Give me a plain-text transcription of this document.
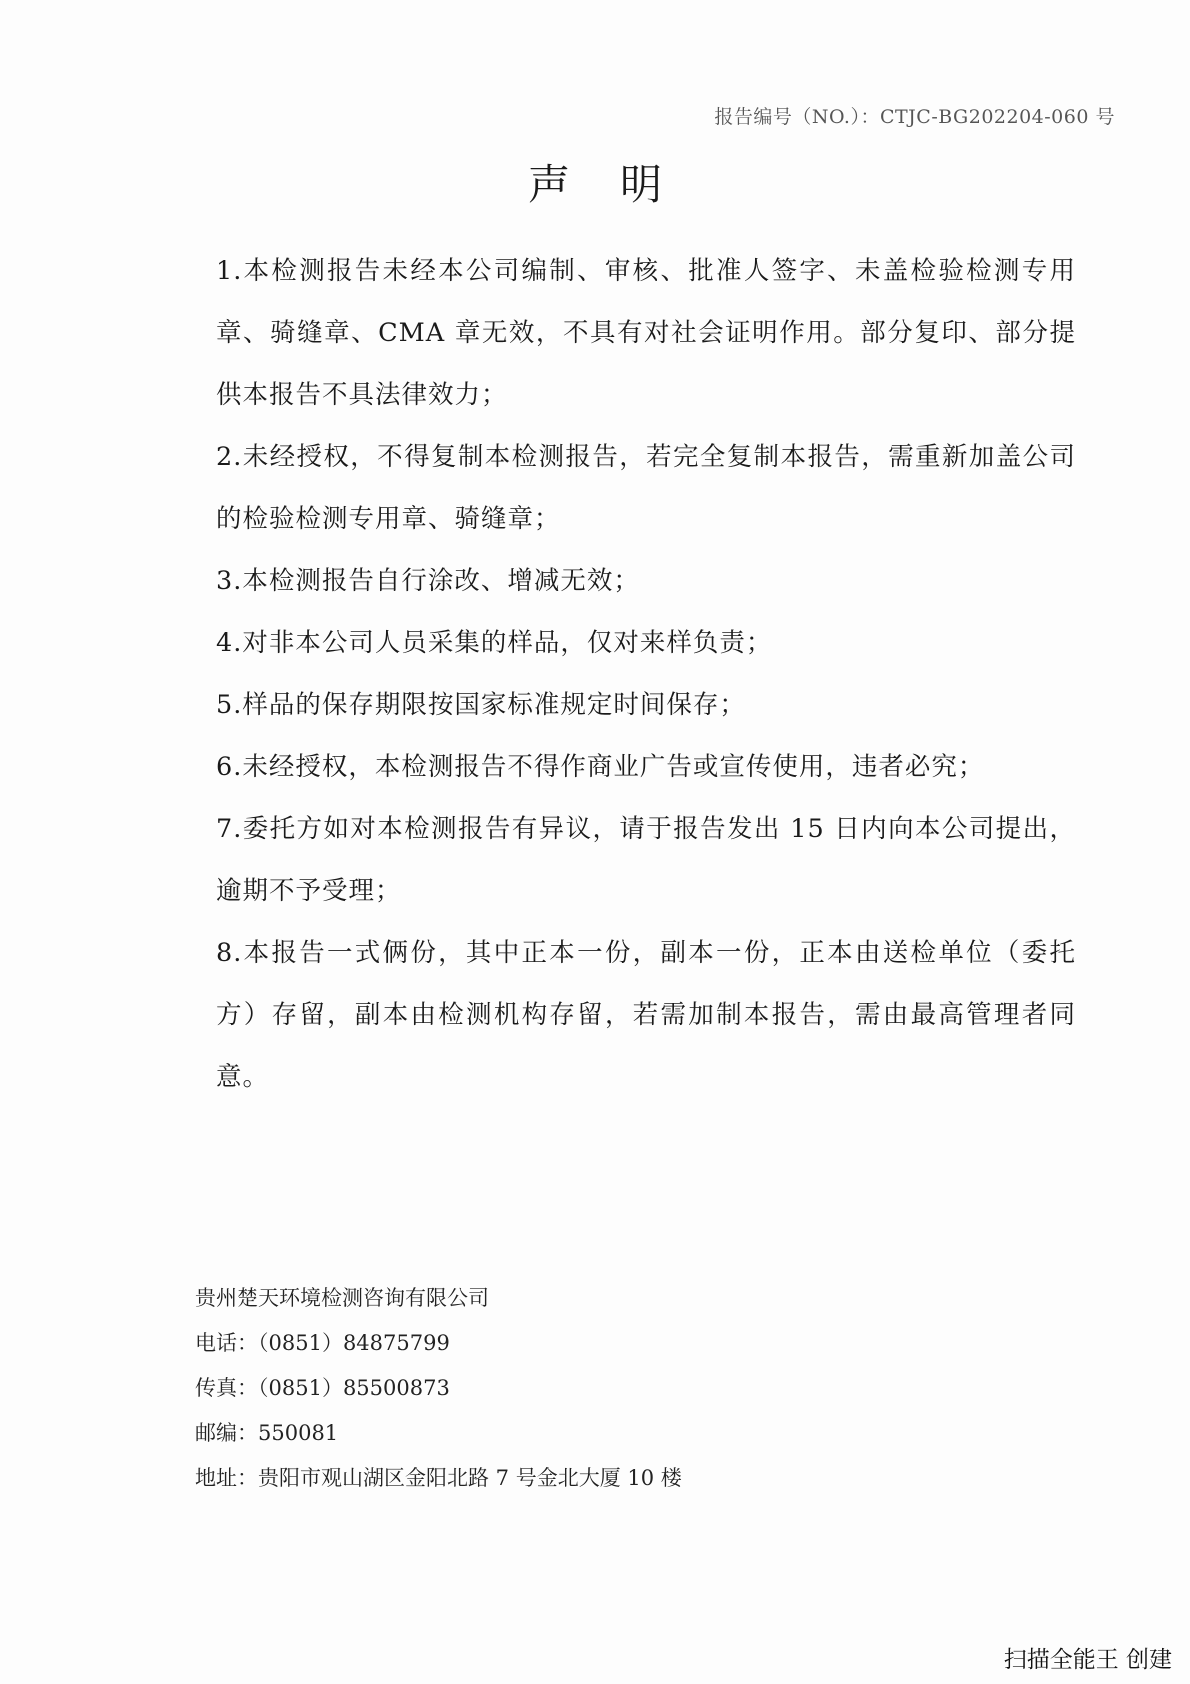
报告编号（NO.）：CTJC-BG202204-060 号
声明

1.本检测报告未经本公司编制、审核、批准人签字、未盖检验检测专用章、骑缝章、CMA 章无效，不具有对社会证明作用。部分复印、部分提供本报告不具法律效力；

2.未经授权，不得复制本检测报告，若完全复制本报告，需重新加盖公司的检验检测专用章、骑缝章；

3.本检测报告自行涂改、增减无效；

4.对非本公司人员采集的样品，仅对来样负责；

5.样品的保存期限按国家标准规定时间保存；

6.未经授权，本检测报告不得作商业广告或宣传使用，违者必究；

7.委托方如对本检测报告有异议，请于报告发出 15 日内向本公司提出，逾期不予受理；

8.本报告一式俩份，其中正本一份，副本一份，正本由送检单位（委托方）存留，副本由检测机构存留，若需加制本报告，需由最高管理者同意。

贵州楚天环境检测咨询有限公司
电话：（0851）84875799
传真：（0851）85500873
邮编：550081
地址：贵阳市观山湖区金阳北路 7 号金北大厦 10 楼
扫描全能王 创建
